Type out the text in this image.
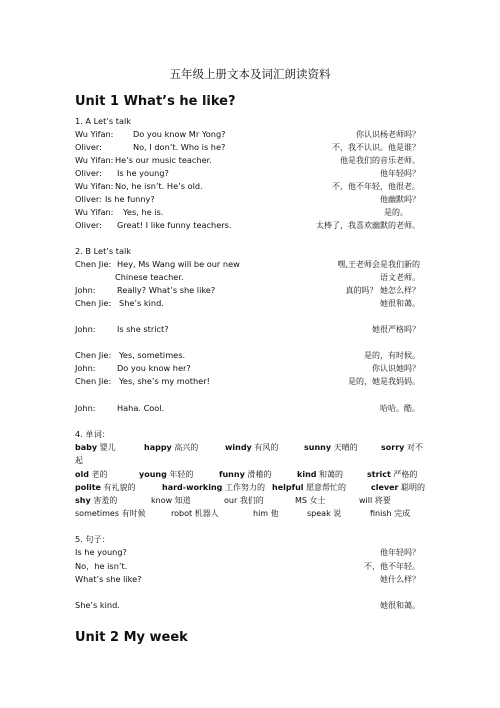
五年级上册文本及词汇朗读资料
Unit 1 What’s he like?
1. A Let’s talk
Wu Yifan: Do you know Mr Yong?	你认识杨老师吗？
Oliver:	No, I don’t. Who is he?	不，我不认识。他是谁？
Wu Yifan: He’s our music teacher.	他是我们的音乐老师。
Oliver: Is he young?	他年轻吗？
Wu Yifan: No, he isn’t. He’s old.	不，他不年轻，他很老。
Oliver: Is he funny?	他幽默吗？
Wu Yifan: Yes, he is.	是的。
Oliver: Great! I like funny teachers.	太棒了，我喜欢幽默的老师。
2. B Let’s talk
Chen Jie: Hey, Ms Wang will be our new	嘿,王老师会是我们新的
Chinese teacher.	语文老师。
John:	Really? What’s she like?	真的吗？ 她怎么样？
Chen Jie: She’s kind.	她很和蔼。
John:	Is she strict?	她很严格吗？
Chen Jie: Yes, sometimes.	是的，有时候。
John:	Do you know her?	你认识她吗？
Chen Jie: Yes, she’s my mother!	是的，她是我妈妈。
John:	Haha. Cool.	哈哈。酷。
4. 单词：
baby 婴儿	happy 高兴的	windy 有风的	sunny 天晴的	sorry 对不
起
old 老的	young 年轻的	funny 滑稽的	kind 和蔼的	strict 严格的
polite 有礼貌的	hard-working 工作努力的 helpful 愿意帮忙的	clever 聪明的
shy 害羞的	know 知道	our 我们的	MS 女士	will 将要
sometimes 有时候	robot 机器人	him 他	speak 说	finish 完成
5. 句子：
Is he young?	他年轻吗？
No，he isn’t.	不，他不年轻。
What’s she like?	她什么样？
She’s kind.	她很和蔼。
Unit 2 My week
